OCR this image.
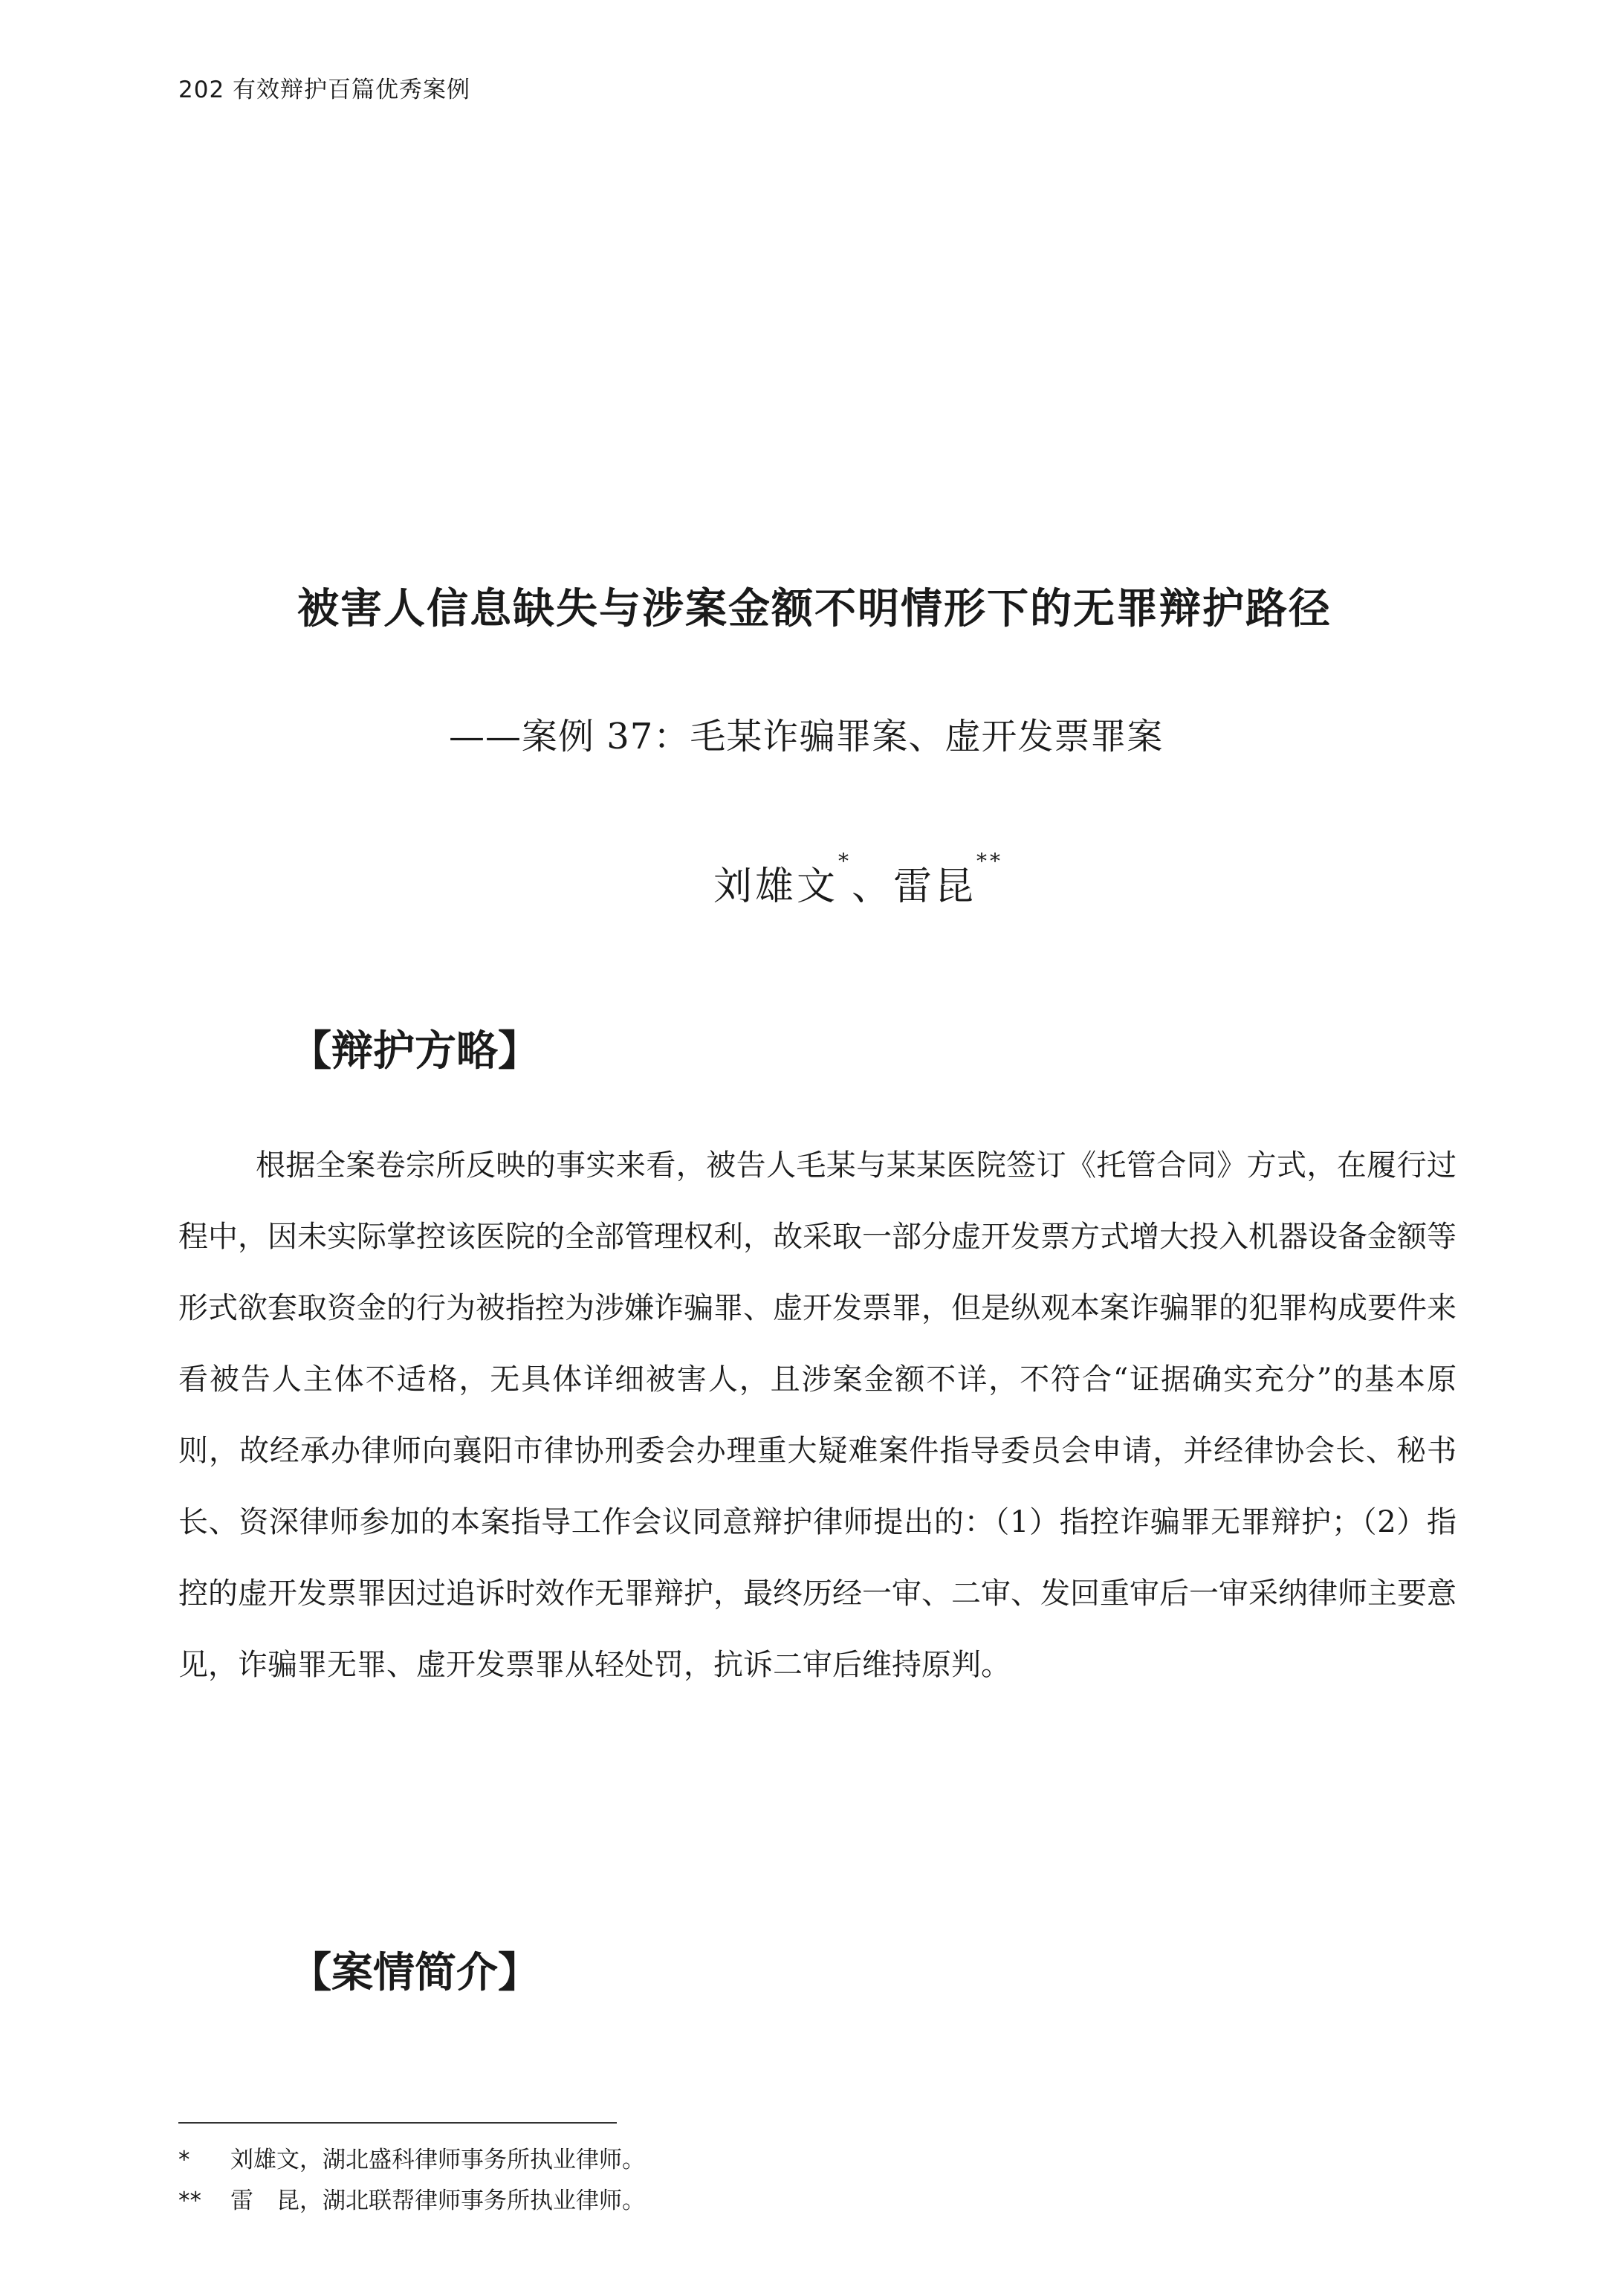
202 有效辩护百篇优秀案例
被害人信息缺失与涉案金额不明情形下的无罪辩护路径
——案例 37：毛某诈骗罪案、虚开发票罪案
刘雄文*、雷昆**
【辩护方略】
根据全案卷宗所反映的事实来看，被告人毛某与某某医院签订《托管合同》方式，在履行过程中，因未实际掌控该医院的全部管理权利，故采取一部分虚开发票方式增大投入机器设备金额等形式欲套取资金的行为被指控为涉嫌诈骗罪、虚开发票罪，但是纵观本案诈骗罪的犯罪构成要件来看被告人主体不适格，无具体详细被害人，且涉案金额不详，不符合“证据确实充分”的基本原则，故经承办律师向襄阳市律协刑委会办理重大疑难案件指导委员会申请，并经律协会长、秘书长、资深律师参加的本案指导工作会议同意辩护律师提出的：（1）指控诈骗罪无罪辩护；（2）指控的虚开发票罪因过追诉时效作无罪辩护，最终历经一审、二审、发回重审后一审采纳律师主要意见，诈骗罪无罪、虚开发票罪从轻处罚，抗诉二审后维持原判。
【案情简介】
* 刘雄文，湖北盛科律师事务所执业律师。
** 雷　昆，湖北联帮律师事务所执业律师。
